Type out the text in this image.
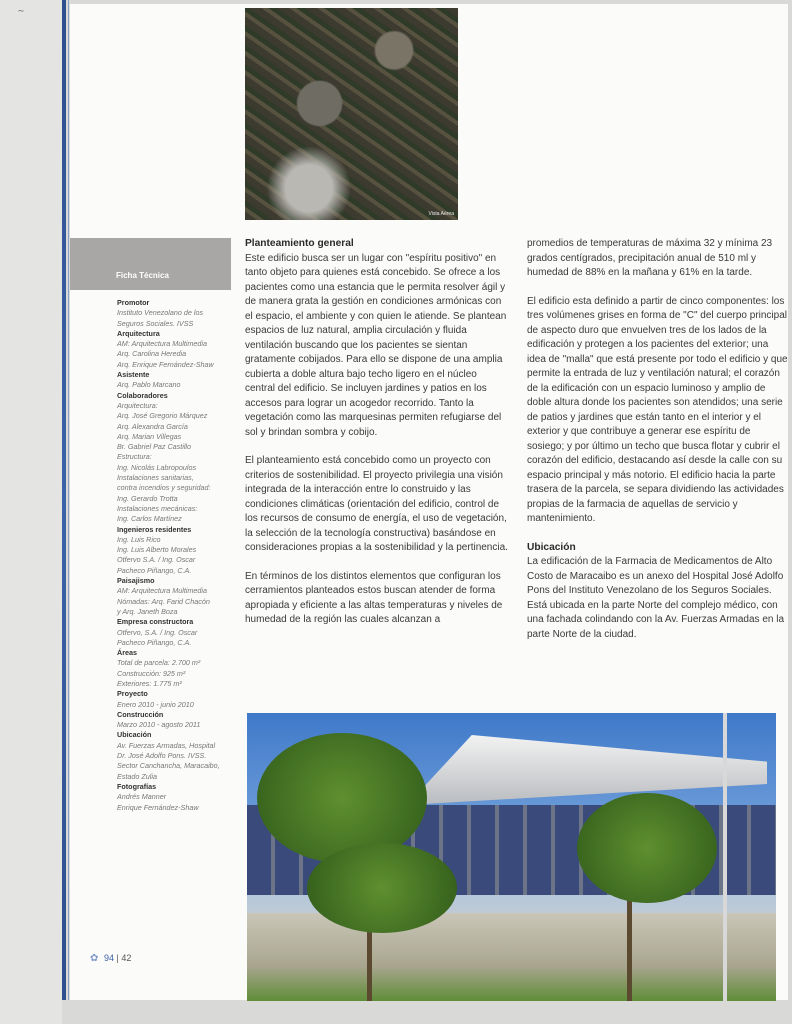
~
Vista Aérea
Ficha Técnica
Promotor
Instituto Venezolano de los
Seguros Sociales. IVSS
Arquitectura
AM: Arquitectura Multimedia
Arq. Carolina Heredia
Arq. Enrique Fernández-Shaw
Asistente
Arq. Pablo Marcano
Colaboradores
Arquitectura:
Arq. José Gregorio Márquez
Arq. Alexandra García
Arq. Marian Villegas
Br. Gabriel Paz Castillo
Estructura:
Ing. Nicolás Labropoulos
Instalaciones sanitarias,
contra incendios y seguridad:
Ing. Gerardo Trotta
Instalaciones mecánicas:
Ing. Carlos Martínez
Ingenieros residentes
Ing. Luis Rico
Ing. Luis Alberto Morales
Otfervo S.A. / Ing. Oscar
Pacheco Piñango, C.A.
Paisajismo
AM: Arquitectura Multimedia
Nómadas: Arq. Farid Chacón
y Arq. Janeth Boza
Empresa constructora
Otfervo, S.A. / Ing. Oscar
Pacheco Piñango, C.A.
Áreas
Total de parcela: 2.700 m²
Construcción: 925 m²
Exteriores: 1.775 m²
Proyecto
Enero 2010 - junio 2010
Construcción
Marzo 2010 - agosto 2011
Ubicación
Av. Fuerzas Armadas, Hospital
Dr. José Adolfo Pons. IVSS.
Sector Canchancha, Maracaibo,
Estado Zulia
Fotografías
Andrés Manner
Enrique Fernández-Shaw
✿ 94 | 42
Planteamiento general

Este edificio busca ser un lugar con "espíritu positivo" en tanto objeto para quienes está concebido. Se ofrece a los pacientes como una estancia que le permita resolver ágil y de manera grata la gestión en condiciones armónicas con el espacio, el ambiente y con quien le atiende. Se plantean espacios de luz natural, amplia circulación y fluida ventilación buscando que los pacientes se sientan gratamente cobijados. Para ello se dispone de una amplia cubierta a doble altura bajo techo ligero en el núcleo central del edificio. Se incluyen jardines y patios en los accesos para lograr un acogedor recorrido. Tanto la vegetación como las marquesinas permiten refugiarse del sol y brindan sombra y cobijo.

El planteamiento está concebido como un proyecto con criterios de sostenibilidad. El proyecto privilegia una visión integrada de la interacción entre lo construido y las condiciones climáticas (orientación del edificio, control de los recursos de consumo de energía, el uso de vegetación, la selección de la tecnología constructiva) basándose en consideraciones propias a la sostenibilidad y la pertinencia.

En términos de los distintos elementos que configuran los cerramientos planteados estos buscan atender de forma apropiada y eficiente a las altas temperaturas y niveles de humedad de la región las cuales alcanzan a

promedios de temperaturas de máxima 32 y mínima 23 grados centígrados, precipitación anual de 510 ml y humedad de 88% en la mañana y 61% en la tarde.

El edificio esta definido a partir de cinco componentes: los tres volúmenes grises en forma de "C" del cuerpo principal de aspecto duro que envuelven tres de los lados de la edificación y protegen a los pacientes del exterior; una idea de "malla" que está presente por todo el edificio y que permite la entrada de luz y ventilación natural; el corazón de la edificación con un espacio luminoso y amplio de doble altura donde los pacientes son atendidos; una serie de patios y jardines que están tanto en el interior y el exterior y que contribuye a generar ese espíritu de sosiego; y por último un techo que busca flotar y cubrir el corazón del edificio, destacando así desde la calle con su espacio principal y más notorio. El edificio hacia la parte trasera de la parcela, se separa dividiendo las actividades propias de la farmacia de aquellas de servicio y mantenimiento.

Ubicación

La edificación de la Farmacia de Medicamentos de Alto Costo de Maracaibo es un anexo del Hospital José Adolfo Pons del Instituto Venezolano de los Seguros Sociales. Está ubicada en la parte Norte del complejo médico, con una fachada colindando con la Av. Fuerzas Armadas en la parte Norte de la ciudad.
